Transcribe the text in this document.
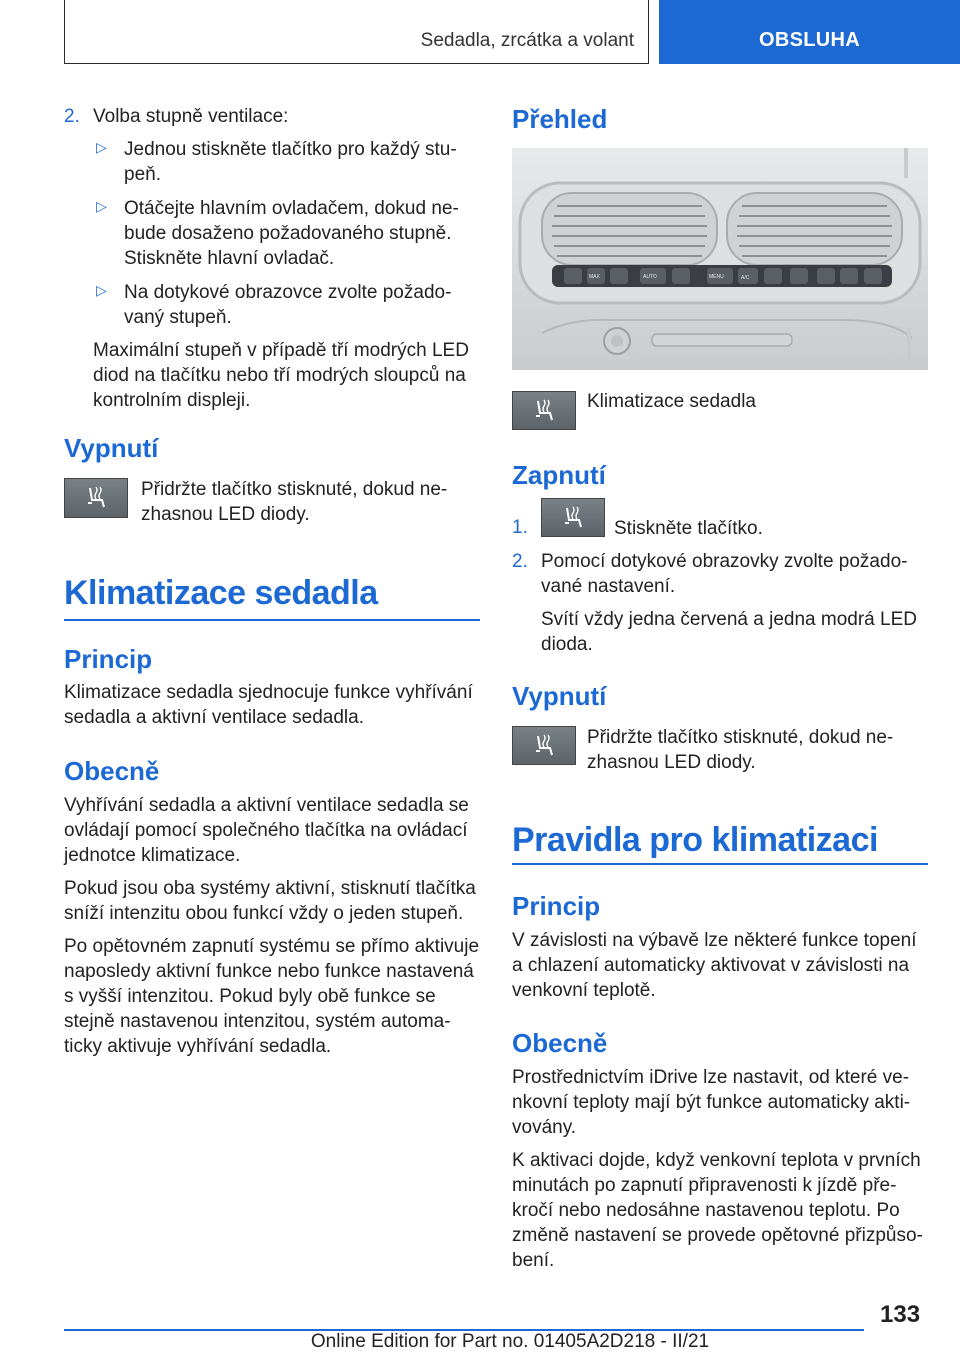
Sedadla, zrcátka a volant	OBSLUHA
2. Volba stupně ventilace:
▷ Jednou stiskněte tlačítko pro každý stu-
peň.
▷ Otáčejte hlavním ovladačem, dokud ne-
bude dosaženo požadovaného stupně.
Stiskněte hlavní ovladač.
▷ Na dotykové obrazovce zvolte požado-
vaný stupeň.
Maximální stupeň v případě tří modrých LED
diod na tlačítku nebo tří modrých sloupců na
kontrolním displeji.
Vypnutí
Přidržte tlačítko stisknuté, dokud ne-
zhasnou LED diody.
Klimatizace sedadla
Princip
Klimatizace sedadla sjednocuje funkce vyhřívání
sedadla a aktivní ventilace sedadla.
Obecně
Vyhřívání sedadla a aktivní ventilace sedadla se
ovládají pomocí společného tlačítka na ovládací
jednotce klimatizace.
Pokud jsou oba systémy aktivní, stisknutí tlačítka
sníží intenzitu obou funkcí vždy o jeden stupeň.
Po opětovném zapnutí systému se přímo aktivuje
naposledy aktivní funkce nebo funkce nastavená
s vyšší intenzitou. Pokud byly obě funkce se
stejně nastavenou intenzitou, systém automa-
ticky aktivuje vyhřívání sedadla.
Přehled
MAX	AUTO	MENU	A/C
Klimatizace sedadla
Zapnutí
1.	Stiskněte tlačítko.
2. Pomocí dotykové obrazovky zvolte požado-
vané nastavení.
Svítí vždy jedna červená a jedna modrá LED
dioda.
Vypnutí
Přidržte tlačítko stisknuté, dokud ne-
zhasnou LED diody.
Pravidla pro klimatizaci
Princip
V závislosti na výbavě lze některé funkce topení
a chlazení automaticky aktivovat v závislosti na
venkovní teplotě.
Obecně
Prostřednictvím iDrive lze nastavit, od které ve-
nkovní teploty mají být funkce automaticky akti-
vovány.
K aktivaci dojde, když venkovní teplota v prvních
minutách po zapnutí připravenosti k jízdě pře-
kročí nebo nedosáhne nastavenou teplotu. Po
změně nastavení se provede opětovné přizpůso-
bení.
133
Online Edition for Part no. 01405A2D218 - II/21
